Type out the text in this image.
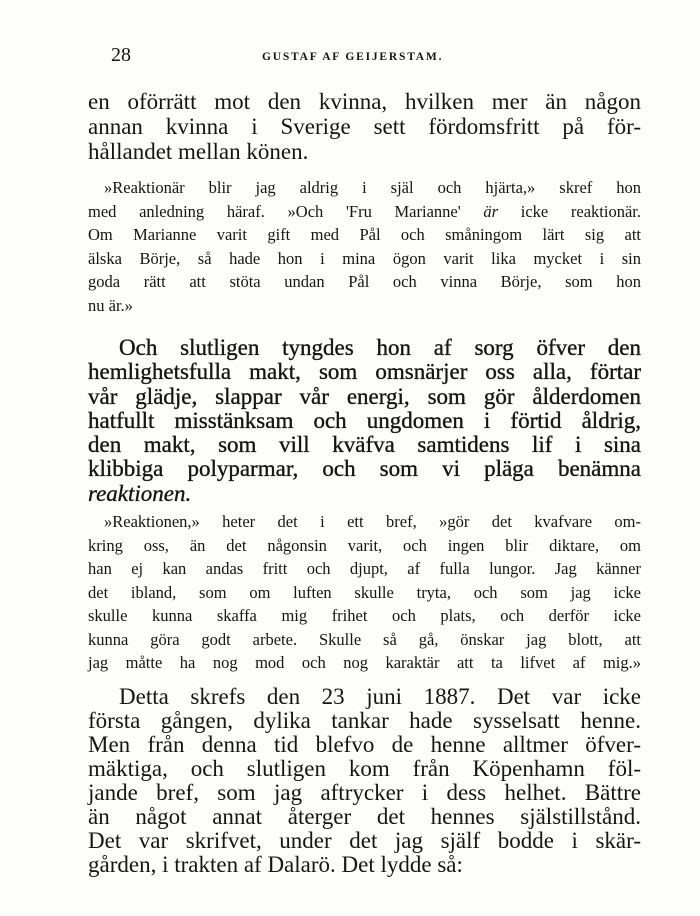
28	GUSTAF AF GEIJERSTAM.
en oförrätt mot den kvinna, hvilken mer än någon
annan kvinna i Sverige sett fördomsfritt på för-
hållandet mellan könen.
»Reaktionär blir jag aldrig i själ och hjärta,» skref hon
med anledning häraf. »Och 'Fru Marianne' är icke reaktionär.
Om Marianne varit gift med Pål och småningom lärt sig att
älska Börje, så hade hon i mina ögon varit lika mycket i sin
goda rätt att stöta undan Pål och vinna Börje, som hon
nu är.»
Och slutligen tyngdes hon af sorg öfver den
hemlighetsfulla makt, som omsnärjer oss alla, förtar
vår glädje, slappar vår energi, som gör ålderdomen
hatfullt misstänksam och ungdomen i förtid åldrig,
den makt, som vill kväfva samtidens lif i sina
klibbiga polyparmar, och som vi pläga benämna
reaktionen.
»Reaktionen,» heter det i ett bref, »gör det kvafvare om-
kring oss, än det någonsin varit, och ingen blir diktare, om
han ej kan andas fritt och djupt, af fulla lungor. Jag känner
det ibland, som om luften skulle tryta, och som jag icke
skulle kunna skaffa mig frihet och plats, och derför icke
kunna göra godt arbete. Skulle så gå, önskar jag blott, att
jag måtte ha nog mod och nog karaktär att ta lifvet af mig.»
Detta skrefs den 23 juni 1887. Det var icke
första gången, dylika tankar hade sysselsatt henne.
Men från denna tid blefvo de henne alltmer öfver-
mäktiga, och slutligen kom från Köpenhamn föl-
jande bref, som jag aftrycker i dess helhet. Bättre
än något annat återger det hennes själstillstånd.
Det var skrifvet, under det jag själf bodde i skär-
gården, i trakten af Dalarö. Det lydde så:
